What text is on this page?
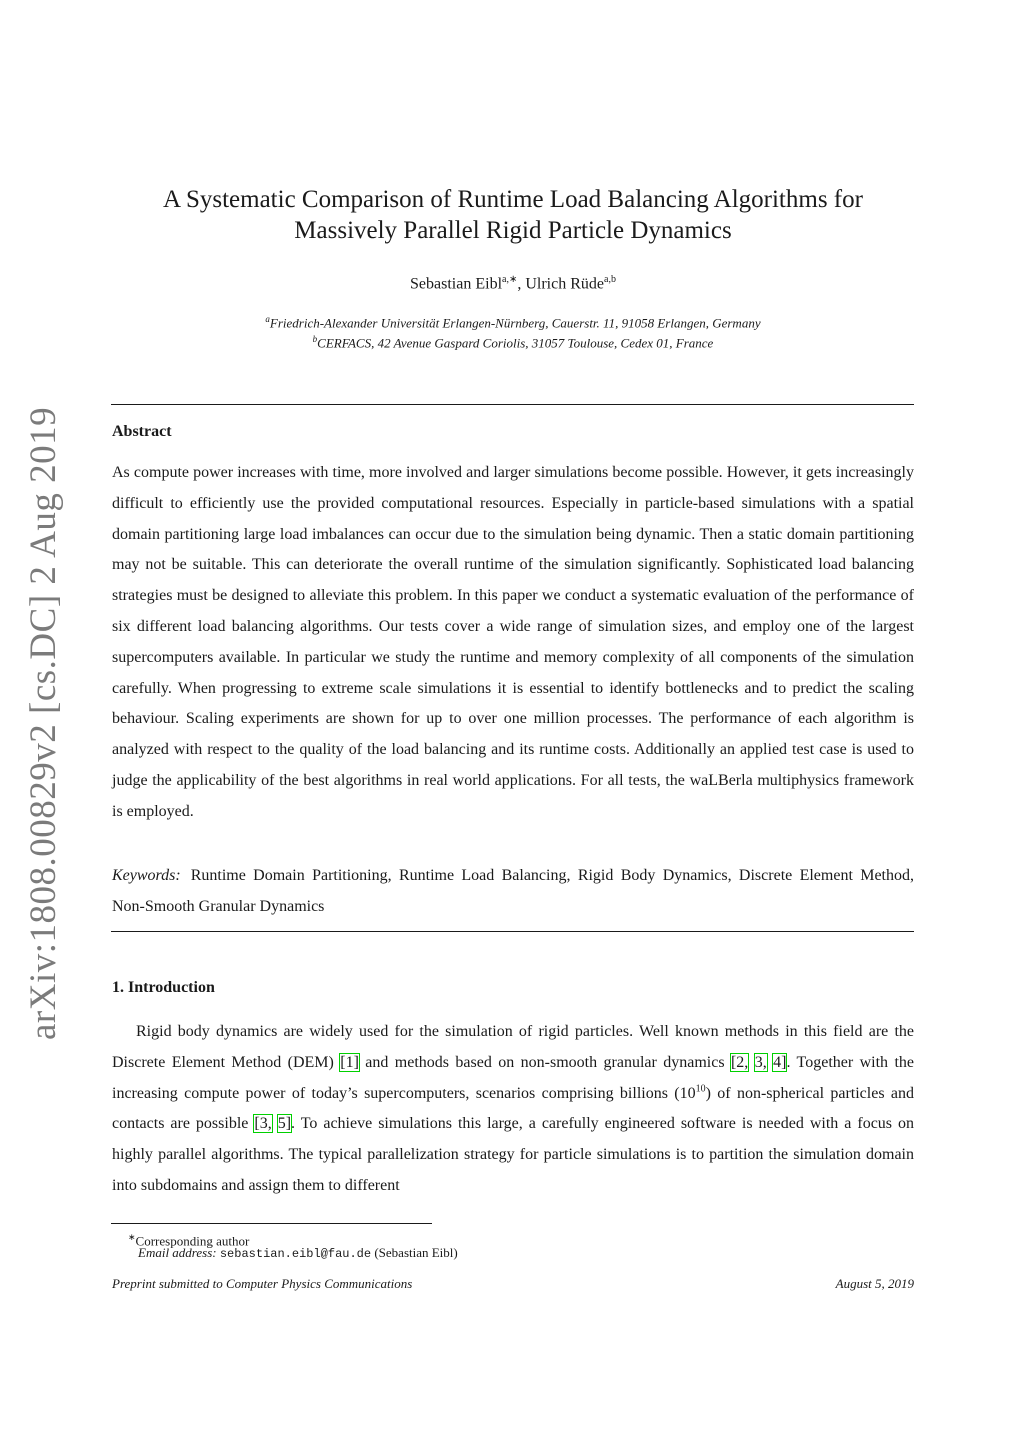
arXiv:1808.00829v2 [cs.DC] 2 Aug 2019
A Systematic Comparison of Runtime Load Balancing Algorithms for
Massively Parallel Rigid Particle Dynamics
Sebastian Eibl$^{a,∗}$, Ulrich Rüde$^{a,b}$
$^a$Friedrich-Alexander Universität Erlangen-Nürnberg, Cauerstr. 11, 91058 Erlangen, Germany
$^b$CERFACS, 42 Avenue Gaspard Coriolis, 31057 Toulouse, Cedex 01, France
Abstract
As compute power increases with time, more involved and larger simulations become possible. However, it gets increasingly difficult to efficiently use the provided computational resources. Especially in particle-based simulations with a spatial domain partitioning large load imbalances can occur due to the simulation being dynamic. Then a static domain partitioning may not be suitable. This can deteriorate the overall runtime of the simulation significantly. Sophisticated load balancing strategies must be designed to alleviate this problem. In this paper we conduct a systematic evaluation of the performance of six different load balancing algorithms. Our tests cover a wide range of simulation sizes, and employ one of the largest supercomputers available. In particular we study the runtime and memory complexity of all components of the simulation carefully. When progressing to extreme scale simulations it is essential to identify bottlenecks and to predict the scaling behaviour. Scaling experiments are shown for up to over one million processes. The performance of each algorithm is analyzed with respect to the quality of the load balancing and its runtime costs. Additionally an applied test case is used to judge the applicability of the best algorithms in real world applications. For all tests, the waLBerla multiphysics framework is employed.
Keywords: Runtime Domain Partitioning, Runtime Load Balancing, Rigid Body Dynamics, Discrete Element Method, Non-Smooth Granular Dynamics
1. Introduction
Rigid body dynamics are widely used for the simulation of rigid particles. Well known methods in this field are the Discrete Element Method (DEM) [1] and methods based on non-smooth granular dynamics [2, 3, 4]. Together with the increasing compute power of today’s supercomputers, scenarios comprising billions $(10^{10})$ of non-spherical particles and contacts are possible [3, 5]. To achieve simulations this large, a carefully engineered software is needed with a focus on highly parallel algorithms. The typical parallelization strategy for particle simulations is to partition the simulation domain into subdomains and assign them to different
∗Corresponding author
Email address: sebastian.eibl@fau.de (Sebastian Eibl)
Preprint submitted to Computer Physics Communications	August 5, 2019
